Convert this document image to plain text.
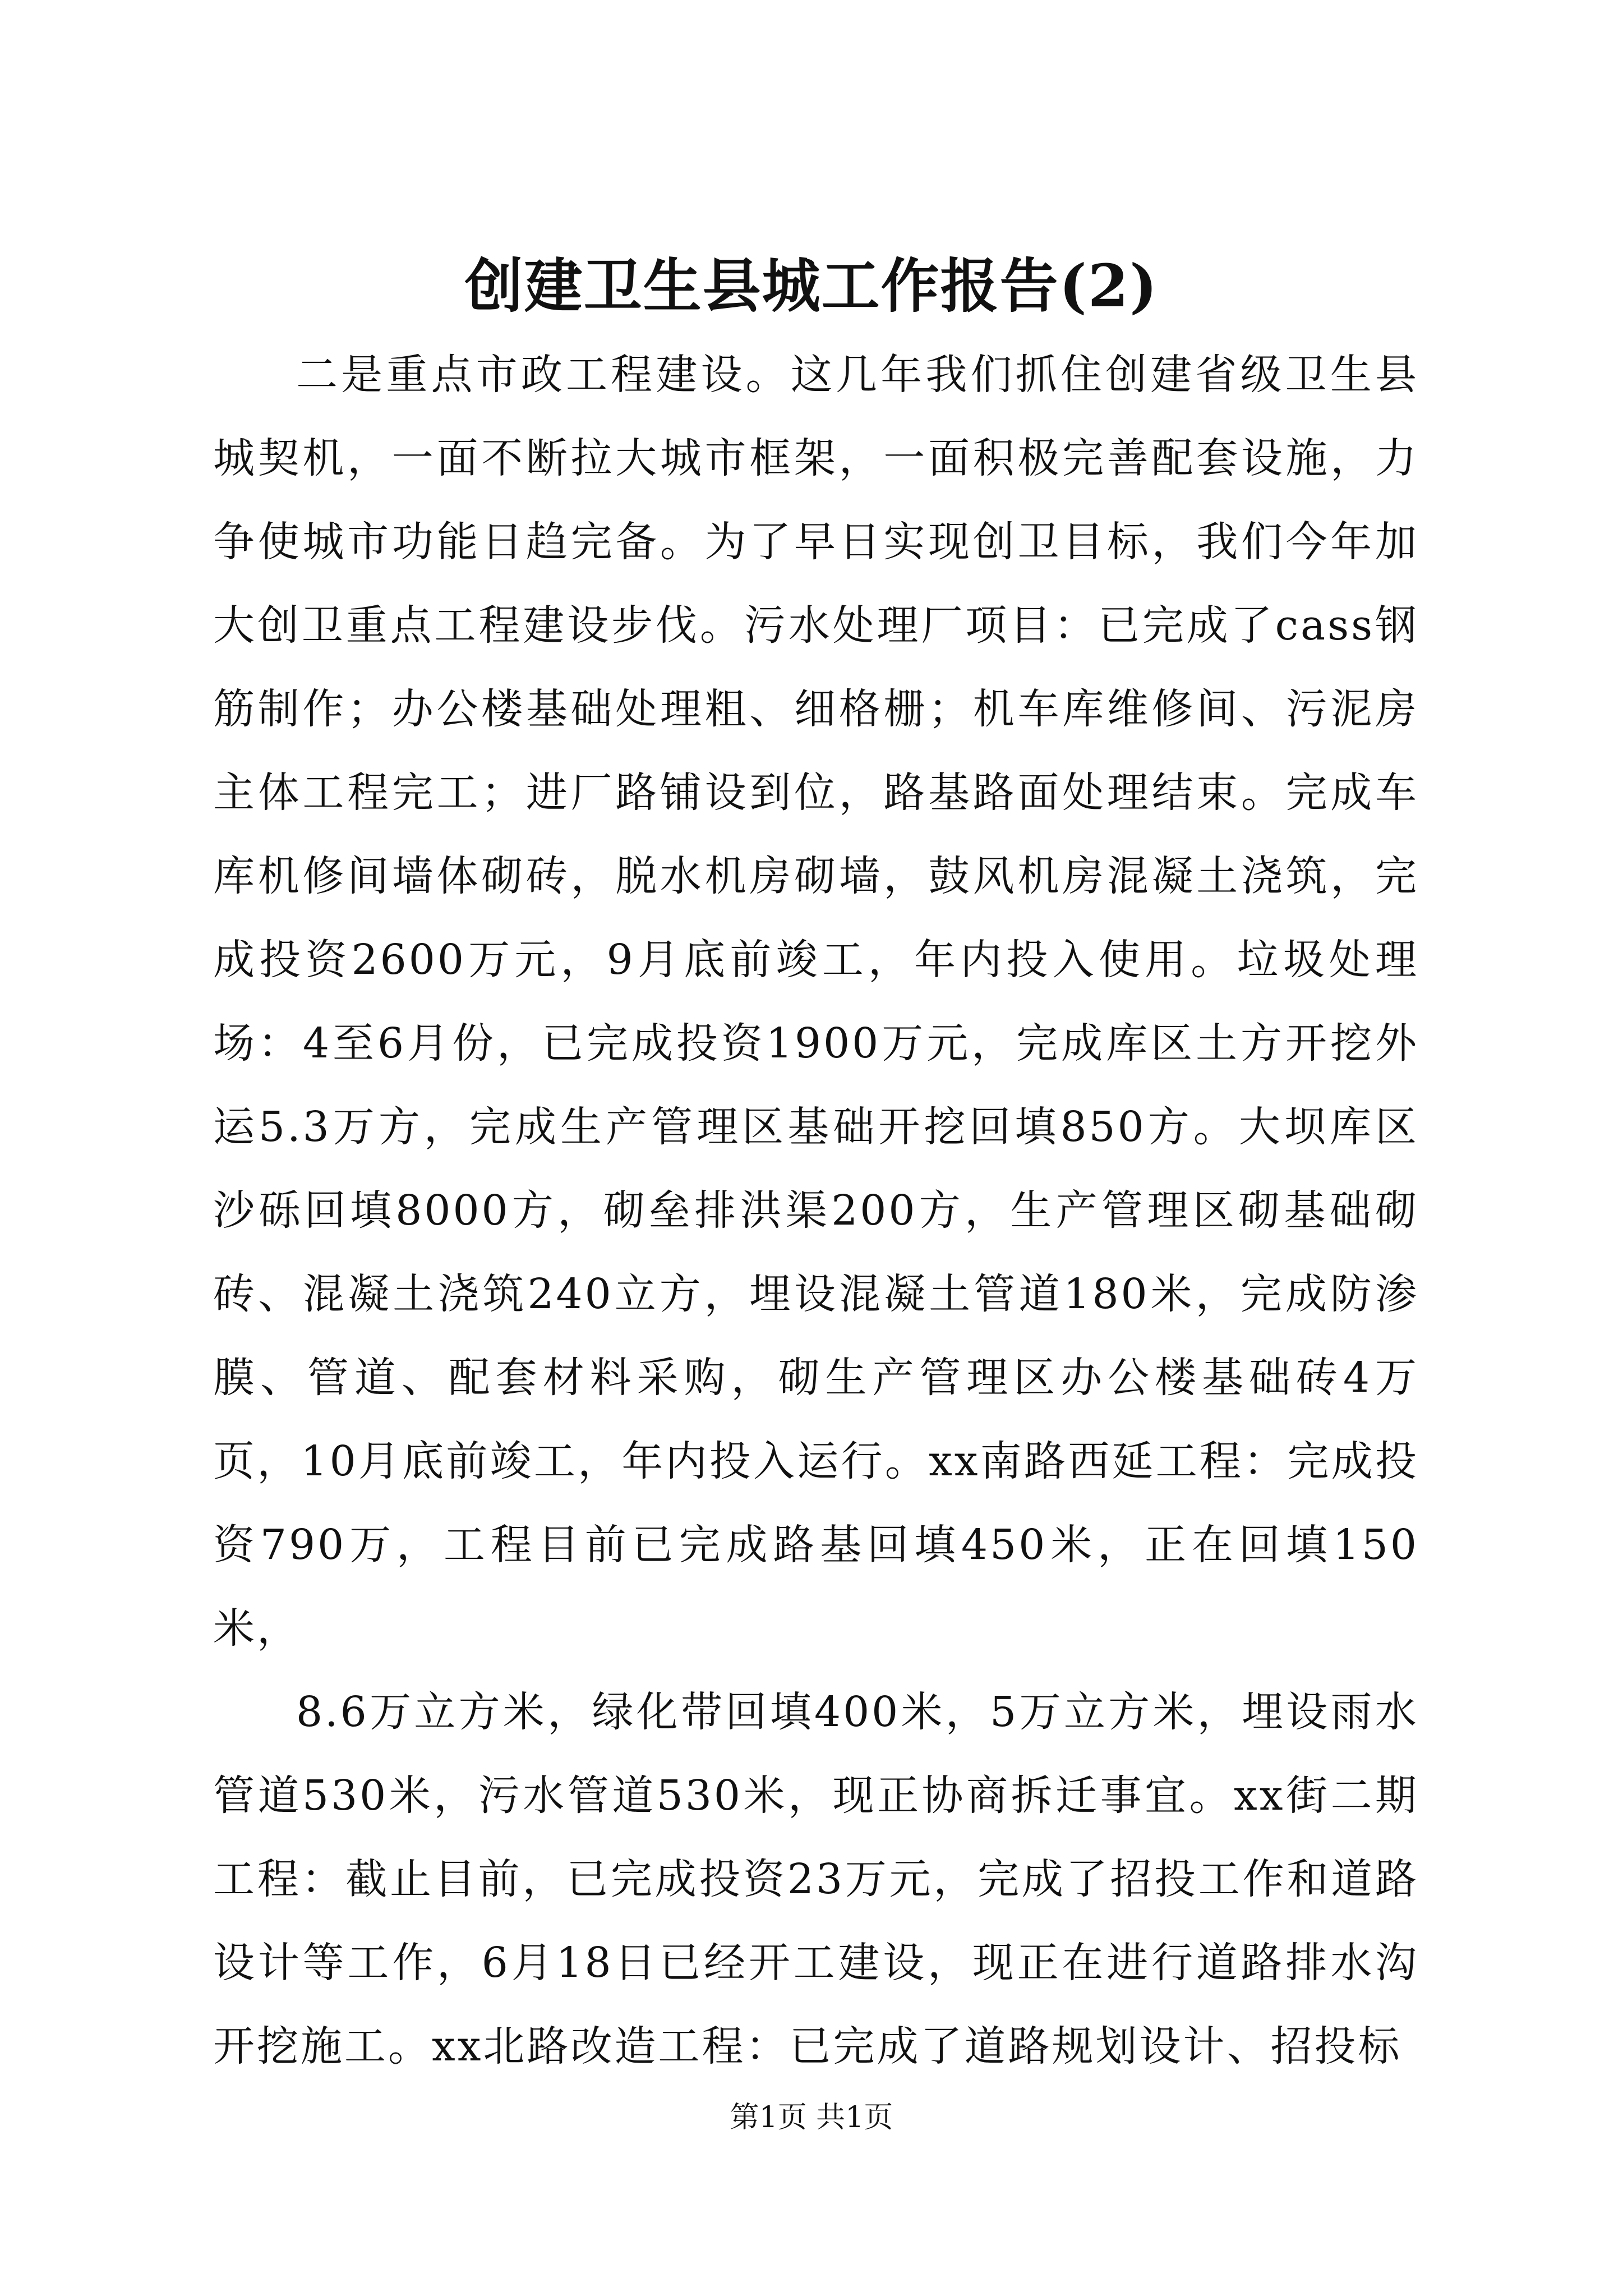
创建卫生县城工作报告(2)

二是重点市政工程建设。这几年我们抓住创建省级卫生县城契机，一面不断拉大城市框架，一面积极完善配套设施，力争使城市功能日趋完备。为了早日实现创卫目标，我们今年加大创卫重点工程建设步伐。污水处理厂项目：已完成了cass钢筋制作；办公楼基础处理粗、细格栅；机车库维修间、污泥房主体工程完工；进厂路铺设到位，路基路面处理结束。完成车库机修间墙体砌砖，脱水机房砌墙，鼓风机房混凝土浇筑，完成投资2600万元，9月底前竣工，年内投入使用。垃圾处理场：4至6月份，已完成投资1900万元，完成库区土方开挖外运5.3万方，完成生产管理区基础开挖回填850方。大坝库区沙砾回填8000方，砌垒排洪渠200方，生产管理区砌基础砌砖、混凝土浇筑240立方，埋设混凝土管道180米，完成防渗膜、管道、配套材料采购，砌生产管理区办公楼基础砖4万页，10月底前竣工，年内投入运行。xx南路西延工程：完成投资790万，工程目前已完成路基回填450米，正在回填150米，

8.6万立方米，绿化带回填400米，5万立方米，埋设雨水管道530米，污水管道530米，现正协商拆迁事宜。xx街二期工程：截止目前，已完成投资23万元，完成了招投工作和道路设计等工作，6月18日已经开工建设，现正在进行道路排水沟开挖施工。xx北路改造工程：已完成了道路规划设计、招投标

第1页 共1页
